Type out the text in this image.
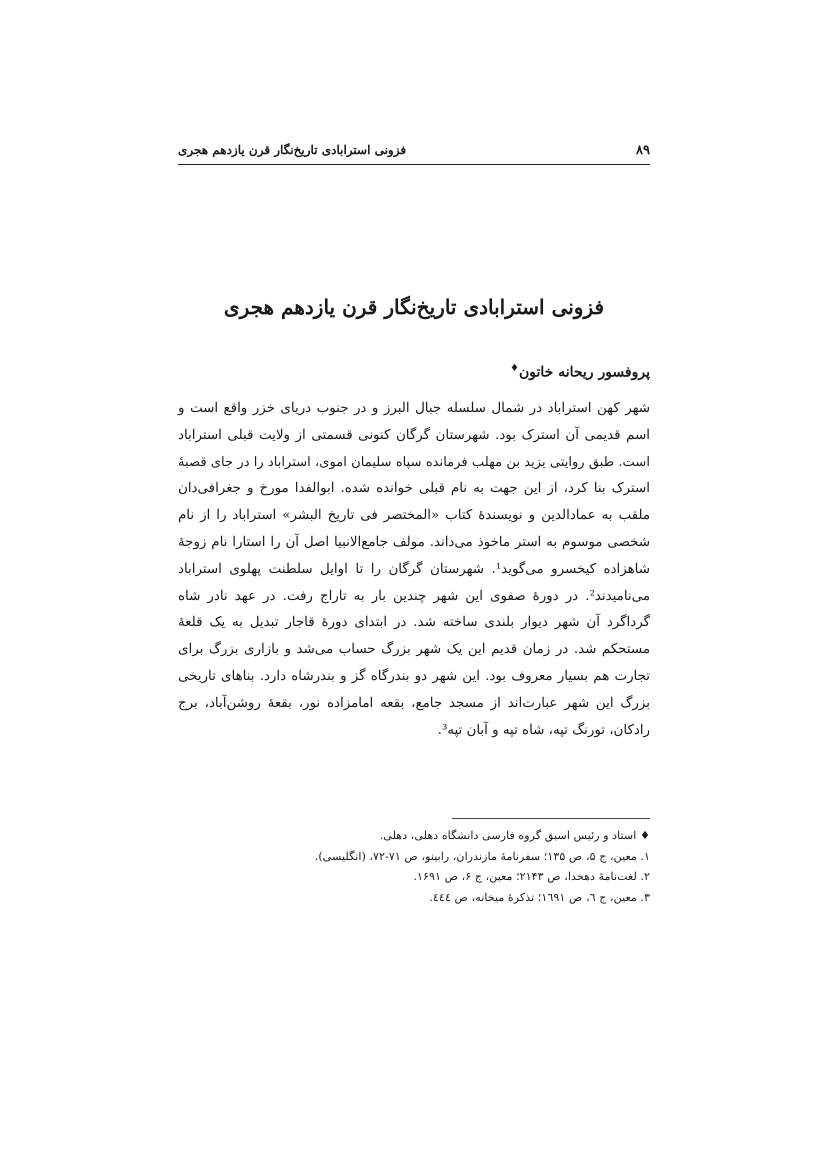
۸۹
فزونی استرابادی تاریخ‌نگار قرن یازدهم هجری
فزونی استرابادی تاریخ‌نگار قرن یازدهم هجری
پروفسور ریحانه خاتون♦
شهر کهن استراباد در شمال سلسله جبال البرز و در جنوب دریای خزر واقع است و
اسم قدیمی آن استرک بود. شهرستان گرگان کنونی قسمتی از ولایت قبلی استراباد
است. طبق روایتی یزید بن مهلب فرمانده سپاه سلیمان اموی، استراباد را در جای قصبهٔ
استرک بنا کرد، از این جهت به نام قبلی خوانده شده. ابوالفدا مورخ و جغرافی‌دان
ملقب به عمادالدین و نویسندهٔ کتاب «المختصر فی تاریخ البشر» استراباد را از نام
شخصی موسوم به استر ماخوذ می‌داند. مولف جامع‌الانبیا اصل آن را استارا نام زوجهٔ
شاهزاده کیخسرو می‌گوید¹. شهرستان گرگان را تا اوایل سلطنت پهلوی استراباد
می‌نامیدند². در دورهٔ صفوی این شهر چندین بار به تاراج رفت. در عهد نادر شاه
گرداگرد آن شهر دیوار بلندی ساخته شد. در ابتدای دورهٔ قاجار تبدیل به یک قلعهٔ
مستحکم شد. در زمان قدیم این یک شهر بزرگ حساب می‌شد و بازاری بزرگ برای
تجارت هم بسیار معروف بود. این شهر دو بندرگاه گز و بندرشاه دارد. بناهای تاریخی
بزرگ این شهر عبارت‌اند از مسجد جامع، بقعه امامزاده نور، بقعهٔ روشن‌آباد، برج
رادکان، تورنگ تپه، شاه تپه و آبان تپه³.
♦ استاد و رئیس اسبق گروه فارسی دانشگاه دهلی، دهلی.
۱. معین، ج ۵، ص ۱۳۵؛ سفرنامهٔ مازندران، رابینو، ص ۷۱-۷۲، (انگلیسی).
۲. لغت‌نامهٔ دهخدا، ص ۲۱۴۳؛ معین، ج ۶، ص ۱۶۹۱.
۳. معین، ج ٦، ص ١٦٩١؛ تذکرهٔ میخانه، ص ٤٤٤.
